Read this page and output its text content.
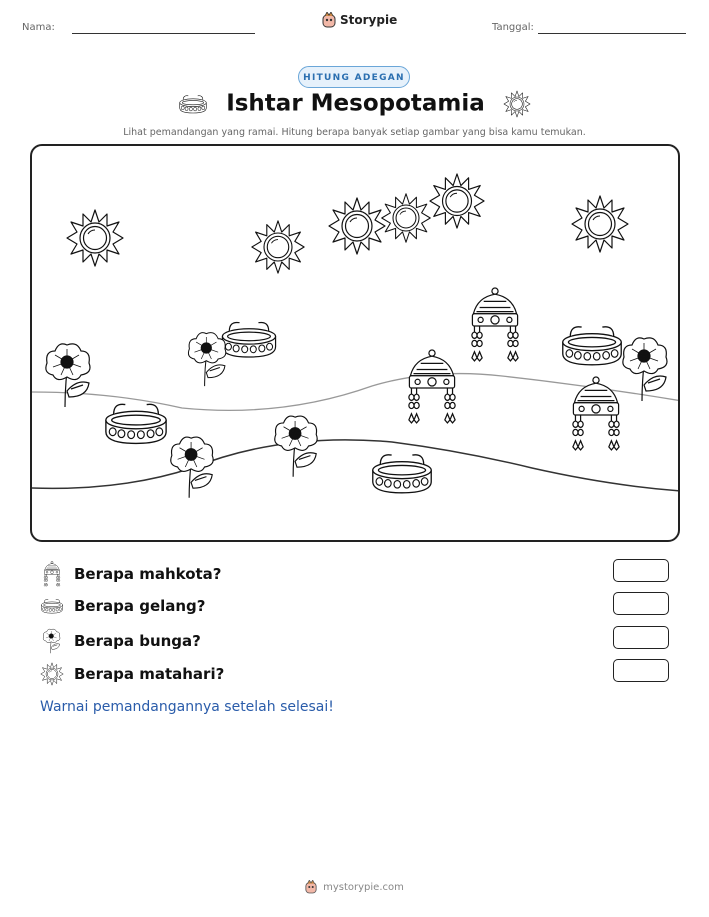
Nama:
Storypie
Tanggal:
HITUNG ADEGAN
Ishtar Mesopotamia
Lihat pemandangan yang ramai. Hitung berapa banyak setiap gambar yang bisa kamu temukan.
Berapa mahkota?
Berapa gelang?
Berapa bunga?
Berapa matahari?
Warnai pemandangannya setelah selesai!
mystorypie.com
